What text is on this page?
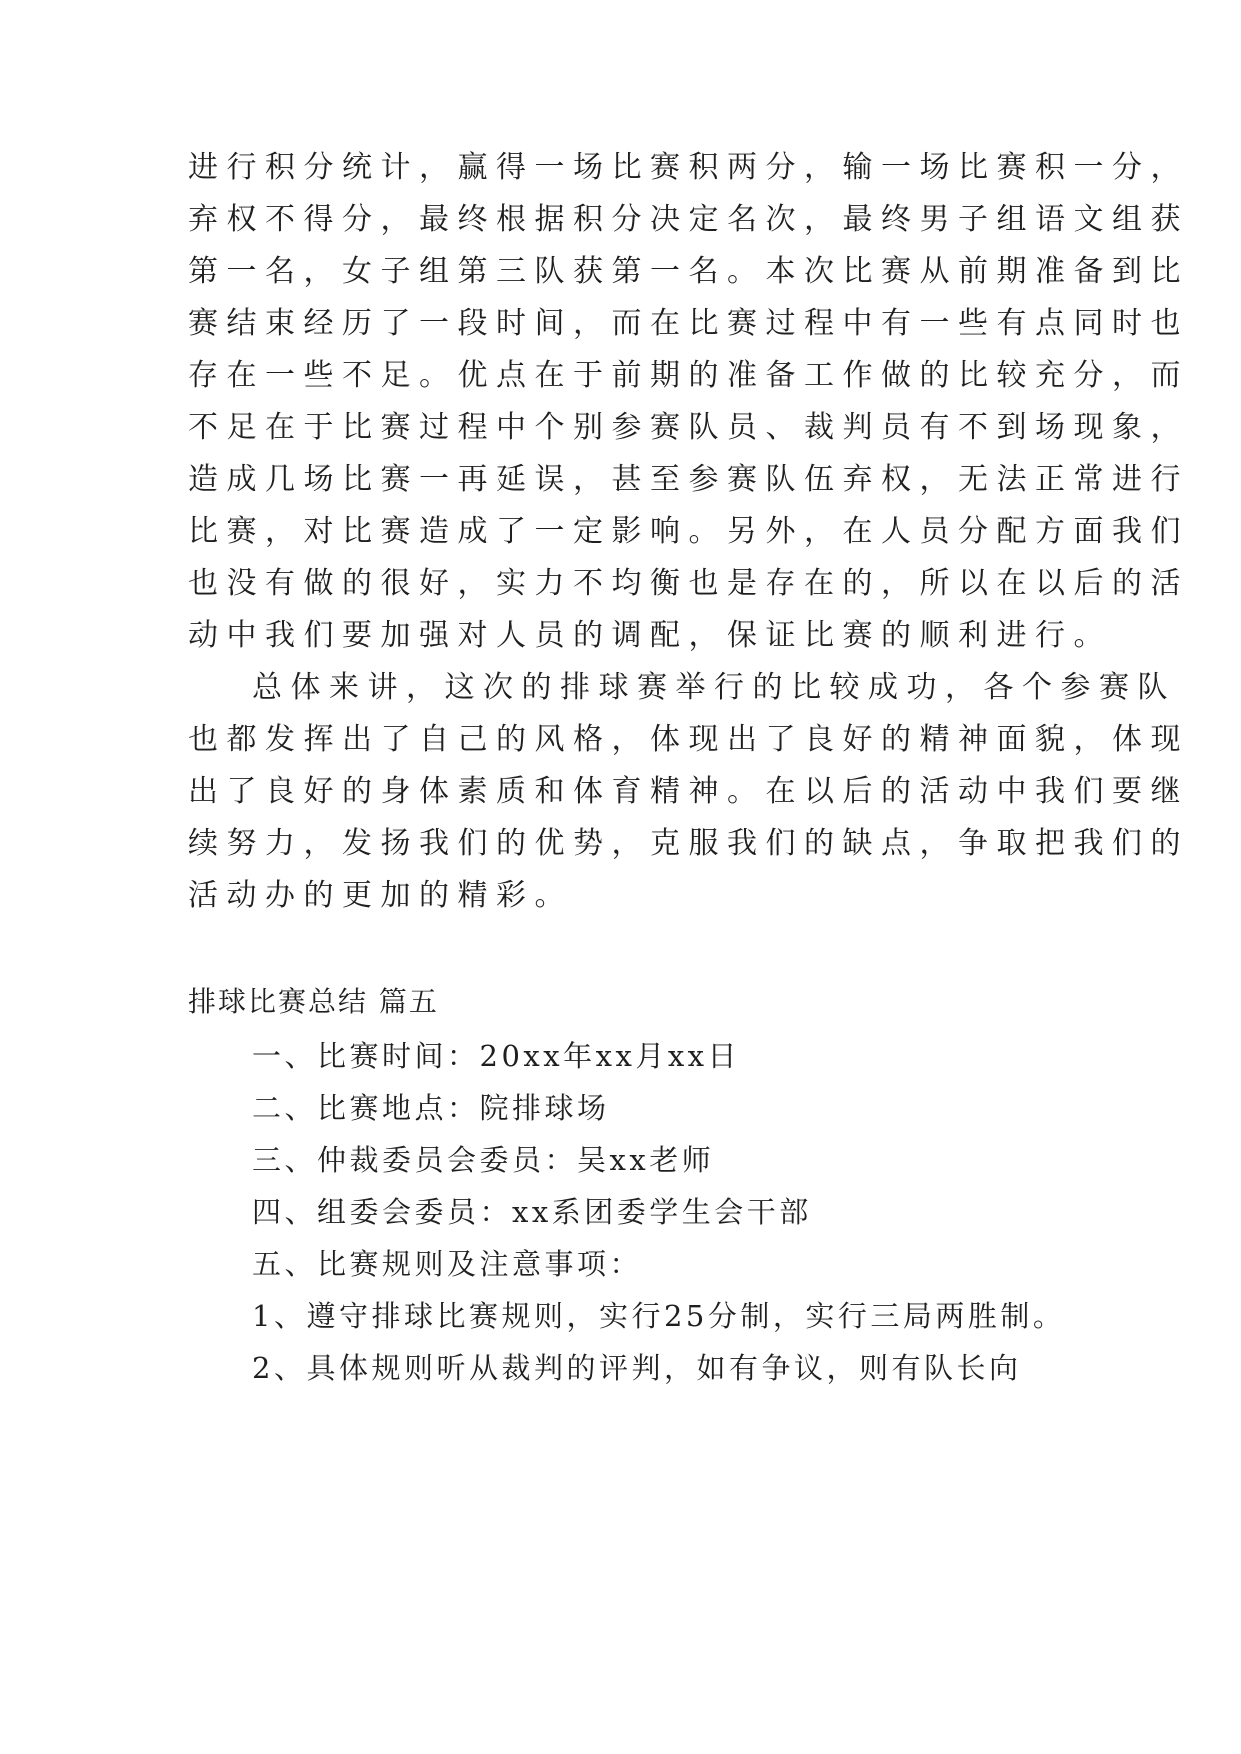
进行积分统计，赢得一场比赛积两分，输一场比赛积一分，
弃权不得分，最终根据积分决定名次，最终男子组语文组获
第一名，女子组第三队获第一名。本次比赛从前期准备到比
赛结束经历了一段时间，而在比赛过程中有一些有点同时也
存在一些不足。优点在于前期的准备工作做的比较充分，而
不足在于比赛过程中个别参赛队员、裁判员有不到场现象，
造成几场比赛一再延误，甚至参赛队伍弃权，无法正常进行
比赛，对比赛造成了一定影响。另外，在人员分配方面我们
也没有做的很好，实力不均衡也是存在的，所以在以后的活
动中我们要加强对人员的调配，保证比赛的顺利进行。
总体来讲，这次的排球赛举行的比较成功，各个参赛队
也都发挥出了自己的风格，体现出了良好的精神面貌，体现
出了良好的身体素质和体育精神。在以后的活动中我们要继
续努力，发扬我们的优势，克服我们的缺点，争取把我们的
活动办的更加的精彩。
排球比赛总结 篇五
一、比赛时间：20xx年xx月xx日
二、比赛地点：院排球场
三、仲裁委员会委员：吴xx老师
四、组委会委员：xx系团委学生会干部
五、比赛规则及注意事项：
1、遵守排球比赛规则，实行25分制，实行三局两胜制。
2、具体规则听从裁判的评判，如有争议，则有队长向
